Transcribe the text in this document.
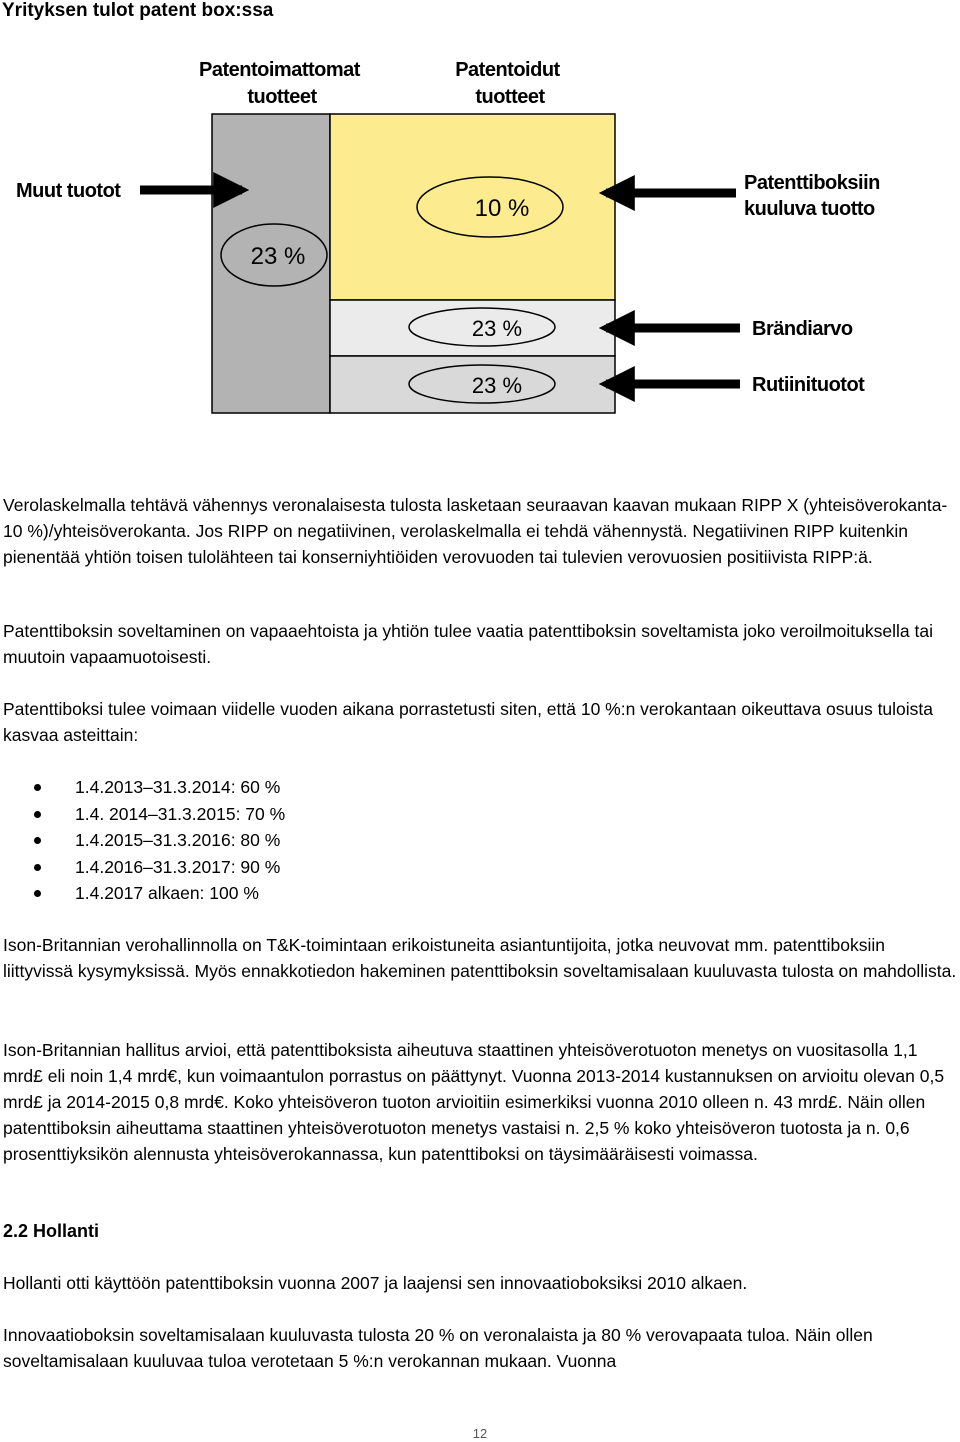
Yrityksen tulot patent box:ssa
Patentoimattomat tuotteet
Patentoidut tuotteet
23 %
10 %
23 %
23 %
Muut tuotot	Patenttiboksiin kuuluva tuotto
Brändiarvo
Rutiinituotot
Verolaskelmalla tehtävä vähennys veronalaisesta tulosta lasketaan seuraavan kaavan mukaan RIPP X (yhteisöverokanta-10 %)/yhteisöverokanta. Jos RIPP on negatiivinen, verolaskelmalla ei tehdä vähennystä. Negatiivinen RIPP kuitenkin pienentää yhtiön toisen tulolähteen tai konserniyhtiöiden verovuoden tai tulevien verovuosien positiivista RIPP:ä.
Patenttiboksin soveltaminen on vapaaehtoista ja yhtiön tulee vaatia patenttiboksin soveltamista joko veroilmoituksella tai muutoin vapaamuotoisesti.
Patenttiboksi tulee voimaan viidelle vuoden aikana porrastetusti siten, että 10 %:n verokantaan oikeuttava osuus tuloista kasvaa asteittain:
1.4.2013–31.3.2014: 60 %
1.4. 2014–31.3.2015: 70 %
1.4.2015–31.3.2016: 80 %
1.4.2016–31.3.2017: 90 %
1.4.2017 alkaen: 100 %
Ison-Britannian verohallinnolla on T&K-toimintaan erikoistuneita asiantuntijoita, jotka neuvovat mm. patenttiboksiin liittyvissä kysymyksissä. Myös ennakkotiedon hakeminen patenttiboksin soveltamisalaan kuuluvasta tulosta on mahdollista.
Ison-Britannian hallitus arvioi, että patenttiboksista aiheutuva staattinen yhteisöverotuoton menetys on vuositasolla 1,1 mrd£ eli noin 1,4 mrd€, kun voimaantulon porrastus on päättynyt. Vuonna 2013-2014 kustannuksen on arvioitu olevan 0,5 mrd£ ja 2014-2015 0,8 mrd€. Koko yhteisöveron tuoton arvioitiin esimerkiksi vuonna 2010 olleen n. 43 mrd£. Näin ollen patenttiboksin aiheuttama staattinen yhteisöverotuoton menetys vastaisi n. 2,5 % koko yhteisöveron tuotosta ja n. 0,6 prosenttiyksikön alennusta yhteisöverokannassa, kun patenttiboksi on täysimääräisesti voimassa.
2.2 Hollanti
Hollanti otti käyttöön patenttiboksin vuonna 2007 ja laajensi sen innovaatioboksiksi 2010 alkaen.
Innovaatioboksin soveltamisalaan kuuluvasta tulosta 20 % on veronalaista ja 80 % verovapaata tuloa. Näin ollen soveltamisalaan kuuluvaa tuloa verotetaan 5 %:n verokannan mukaan. Vuonna
12
